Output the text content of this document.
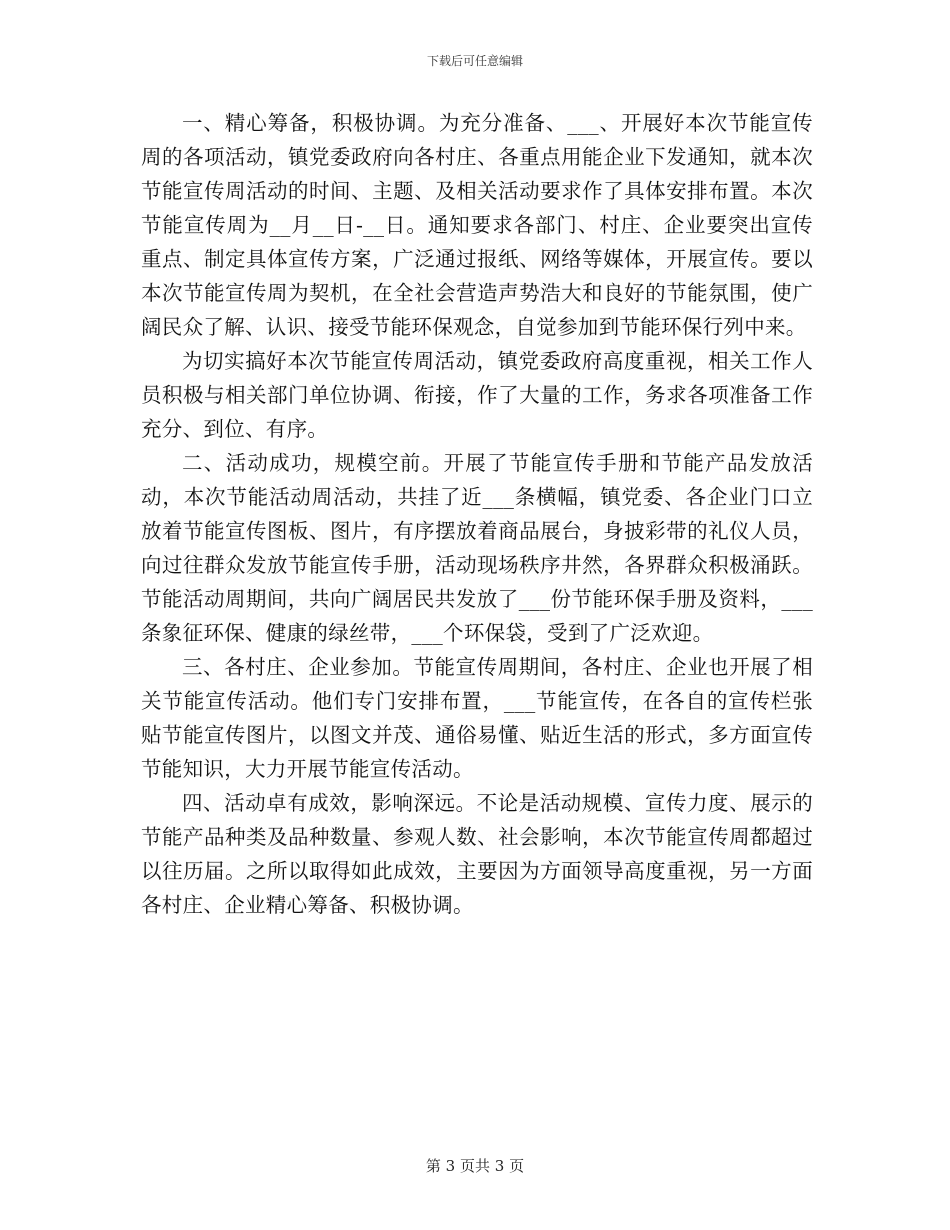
下载后可任意编辑

一、精心筹备，积极协调。为充分准备、___、开展好本次节能宣传周的各项活动，镇党委政府向各村庄、各重点用能企业下发通知，就本次节能宣传周活动的时间、主题、及相关活动要求作了具体安排布置。本次节能宣传周为__月__日-__日。通知要求各部门、村庄、企业要突出宣传重点、制定具体宣传方案，广泛通过报纸、网络等媒体，开展宣传。要以本次节能宣传周为契机，在全社会营造声势浩大和良好的节能氛围，使广阔民众了解、认识、接受节能环保观念，自觉参加到节能环保行列中来。

为切实搞好本次节能宣传周活动，镇党委政府高度重视，相关工作人员积极与相关部门单位协调、衔接，作了大量的工作，务求各项准备工作充分、到位、有序。

二、活动成功，规模空前。开展了节能宣传手册和节能产品发放活动，本次节能活动周活动，共挂了近___条横幅，镇党委、各企业门口立放着节能宣传图板、图片，有序摆放着商品展台，身披彩带的礼仪人员，向过往群众发放节能宣传手册，活动现场秩序井然，各界群众积极涌跃。节能活动周期间，共向广阔居民共发放了___份节能环保手册及资料，___条象征环保、健康的绿丝带，___个环保袋，受到了广泛欢迎。

三、各村庄、企业参加。节能宣传周期间，各村庄、企业也开展了相关节能宣传活动。他们专门安排布置，___节能宣传，在各自的宣传栏张贴节能宣传图片，以图文并茂、通俗易懂、贴近生活的形式，多方面宣传节能知识，大力开展节能宣传活动。

四、活动卓有成效，影响深远。不论是活动规模、宣传力度、展示的节能产品种类及品种数量、参观人数、社会影响，本次节能宣传周都超过以往历届。之所以取得如此成效，主要因为方面领导高度重视，另一方面各村庄、企业精心筹备、积极协调。

第 3 页共 3 页
